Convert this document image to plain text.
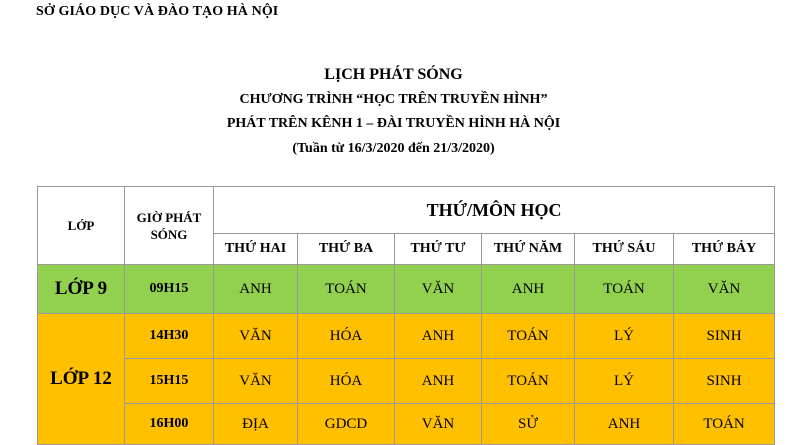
SỞ GIÁO DỤC VÀ ĐÀO TẠO HÀ NỘI
LỊCH PHÁT SÓNG
CHƯƠNG TRÌNH “HỌC TRÊN TRUYỀN HÌNH”
PHÁT TRÊN KÊNH 1 – ĐÀI TRUYỀN HÌNH HÀ NỘI
(Tuần từ 16/3/2020 đến 21/3/2020)
LỚP	GIỜ PHÁT SÓNG	THỨ/MÔN HỌC					
		THỨ HAI	THỨ BA	THỨ TƯ	THỨ NĂM	THỨ SÁU	THỨ BẢY
LỚP 9	09H15	ANH	TOÁN	VĂN	ANH	TOÁN	VĂN
LỚP 12	14H30	VĂN	HÓA	ANH	TOÁN	LÝ	SINH
	15H15	VĂN	HÓA	ANH	TOÁN	LÝ	SINH
	16H00	ĐỊA	GDCD	VĂN	SỬ	ANH	TOÁN
